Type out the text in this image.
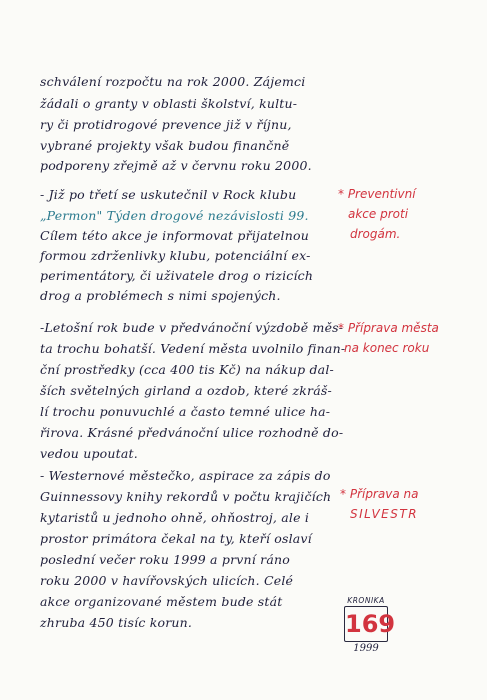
schválení rozpočtu na rok 2000. Zájemci
žádali o granty v oblasti školství, kultu-
ry či protidrogové prevence již v říjnu,
vybrané projekty však budou finančně
podporeny zřejmě až v červnu roku 2000.
- Již po třetí se uskutečnil v Rock klubu
„Permon" Týden drogové nezávislosti 99.
Cílem této akce je informovat přijatelnou
formou zdrženlivky klubu, potenciální ex-
perimentátory, či uživatele drog o rizicích
drog a problémech s nimi spojených.
* Preventivní
akce proti
drogám.
-Letošní rok bude v předvánoční výzdobě měs-
ta trochu bohatší. Vedení města uvolnilo finan-
ční prostředky (cca 400 tis Kč) na nákup dal-
ších světelných girland a ozdob, které zkráš-
lí trochu ponuvuchlé a často temné ulice ha-
řirova. Krásné předvánoční ulice rozhodně do-
vedou upoutat.
* Příprava města
na konec roku
- Westernové městečko, aspirace za zápis do
Guinnessovy knihy rekordů v počtu krajičích
kytaristů u jednoho ohně, ohňostroj, ale i
prostor primátora čekal na ty, kteří oslaví
poslední večer roku 1999 a první ráno
roku 2000 v havířovských ulicích. Celé
akce organizované městem bude stát
zhruba 450 tisíc korun.
* Příprava na
SILVESTR
KRONIKA
169
1999
